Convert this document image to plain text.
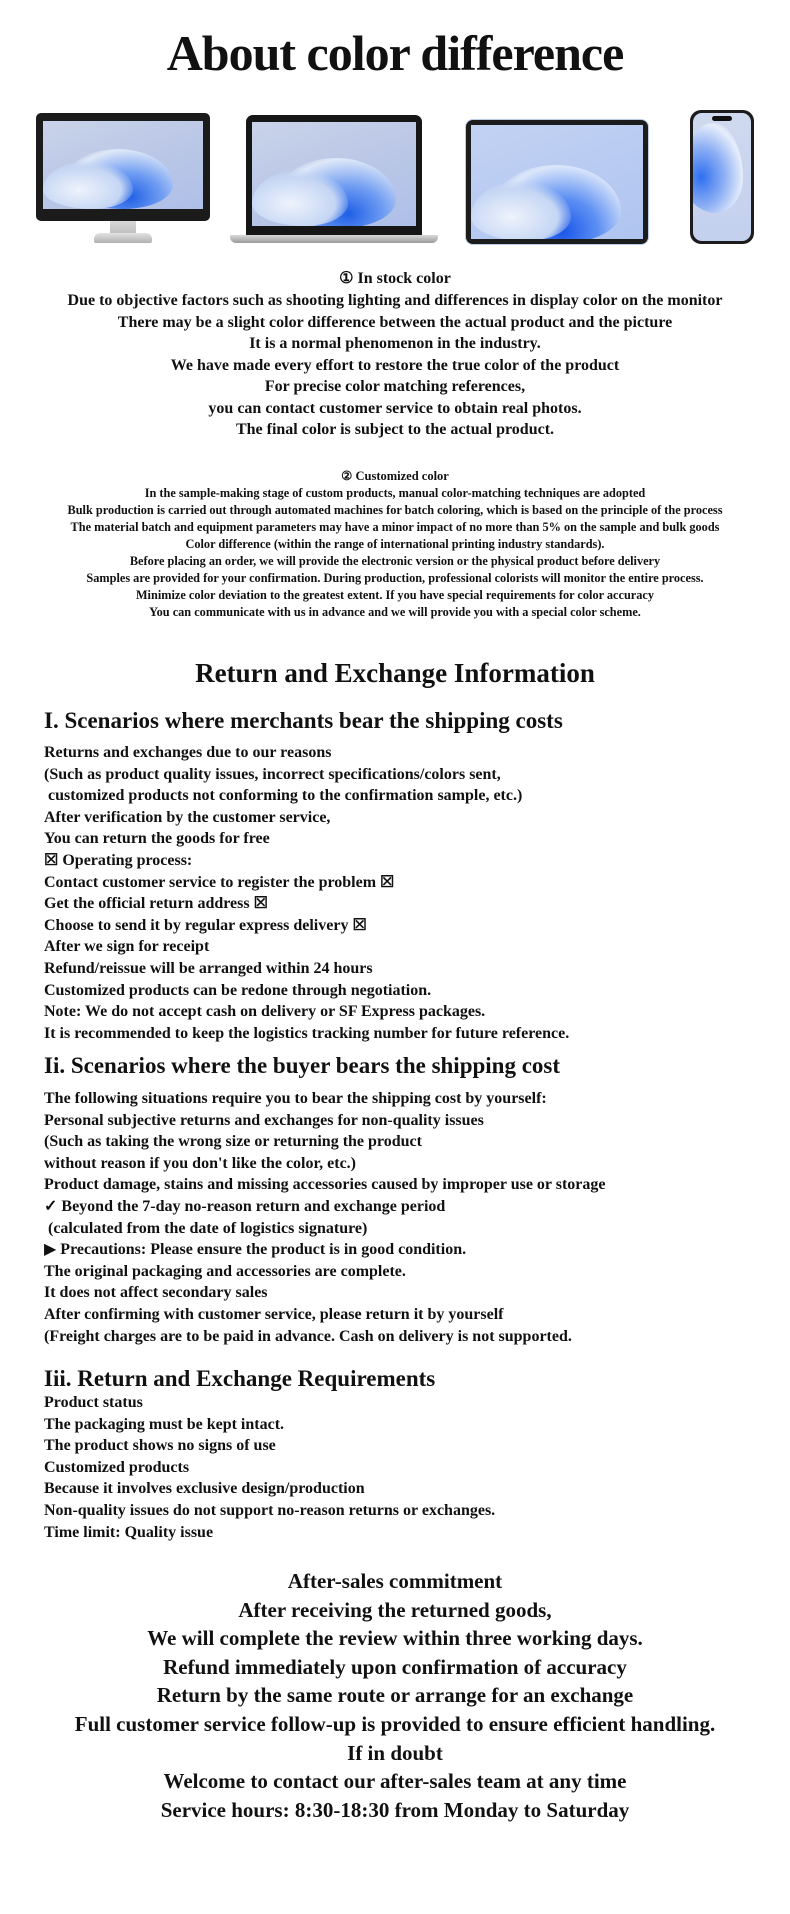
About color difference
① In stock color
Due to objective factors such as shooting lighting and differences in display color on the monitor
There may be a slight color difference between the actual product and the picture
It is a normal phenomenon in the industry.
We have made every effort to restore the true color of the product
For precise color matching references,
you can contact customer service to obtain real photos.
The final color is subject to the actual product.
② Customized color
In the sample-making stage of custom products, manual color-matching techniques are adopted
Bulk production is carried out through automated machines for batch coloring, which is based on the principle of the process
The material batch and equipment parameters may have a minor impact of no more than 5% on the sample and bulk goods
Color difference (within the range of international printing industry standards).
Before placing an order, we will provide the electronic version or the physical product before delivery
Samples are provided for your confirmation. During production, professional colorists will monitor the entire process.
Minimize color deviation to the greatest extent. If you have special requirements for color accuracy
You can communicate with us in advance and we will provide you with a special color scheme.
Return and Exchange Information
I. Scenarios where merchants bear the shipping costs
Returns and exchanges due to our reasons
(Such as product quality issues, incorrect specifications/colors sent,
customized products not conforming to the confirmation sample, etc.)
After verification by the customer service,
You can return the goods for free
☒ Operating process:
Contact customer service to register the problem ☒
Get the official return address ☒
Choose to send it by regular express delivery ☒
After we sign for receipt
Refund/reissue will be arranged within 24 hours
Customized products can be redone through negotiation.
Note: We do not accept cash on delivery or SF Express packages.
It is recommended to keep the logistics tracking number for future reference.
Ii. Scenarios where the buyer bears the shipping cost
The following situations require you to bear the shipping cost by yourself:
Personal subjective returns and exchanges for non-quality issues
(Such as taking the wrong size or returning the product
without reason if you don't like the color, etc.)
Product damage, stains and missing accessories caused by improper use or storage
✓ Beyond the 7-day no-reason return and exchange period
(calculated from the date of logistics signature)
▶ Precautions: Please ensure the product is in good condition.
The original packaging and accessories are complete.
It does not affect secondary sales
After confirming with customer service, please return it by yourself
(Freight charges are to be paid in advance. Cash on delivery is not supported.
Iii. Return and Exchange Requirements
Product status
The packaging must be kept intact.
The product shows no signs of use
Customized products
Because it involves exclusive design/production
Non-quality issues do not support no-reason returns or exchanges.
Time limit: Quality issue
After-sales commitment
After receiving the returned goods,
We will complete the review within three working days.
Refund immediately upon confirmation of accuracy
Return by the same route or arrange for an exchange
Full customer service follow-up is provided to ensure efficient handling.
If in doubt
Welcome to contact our after-sales team at any time
Service hours: 8:30-18:30 from Monday to Saturday
